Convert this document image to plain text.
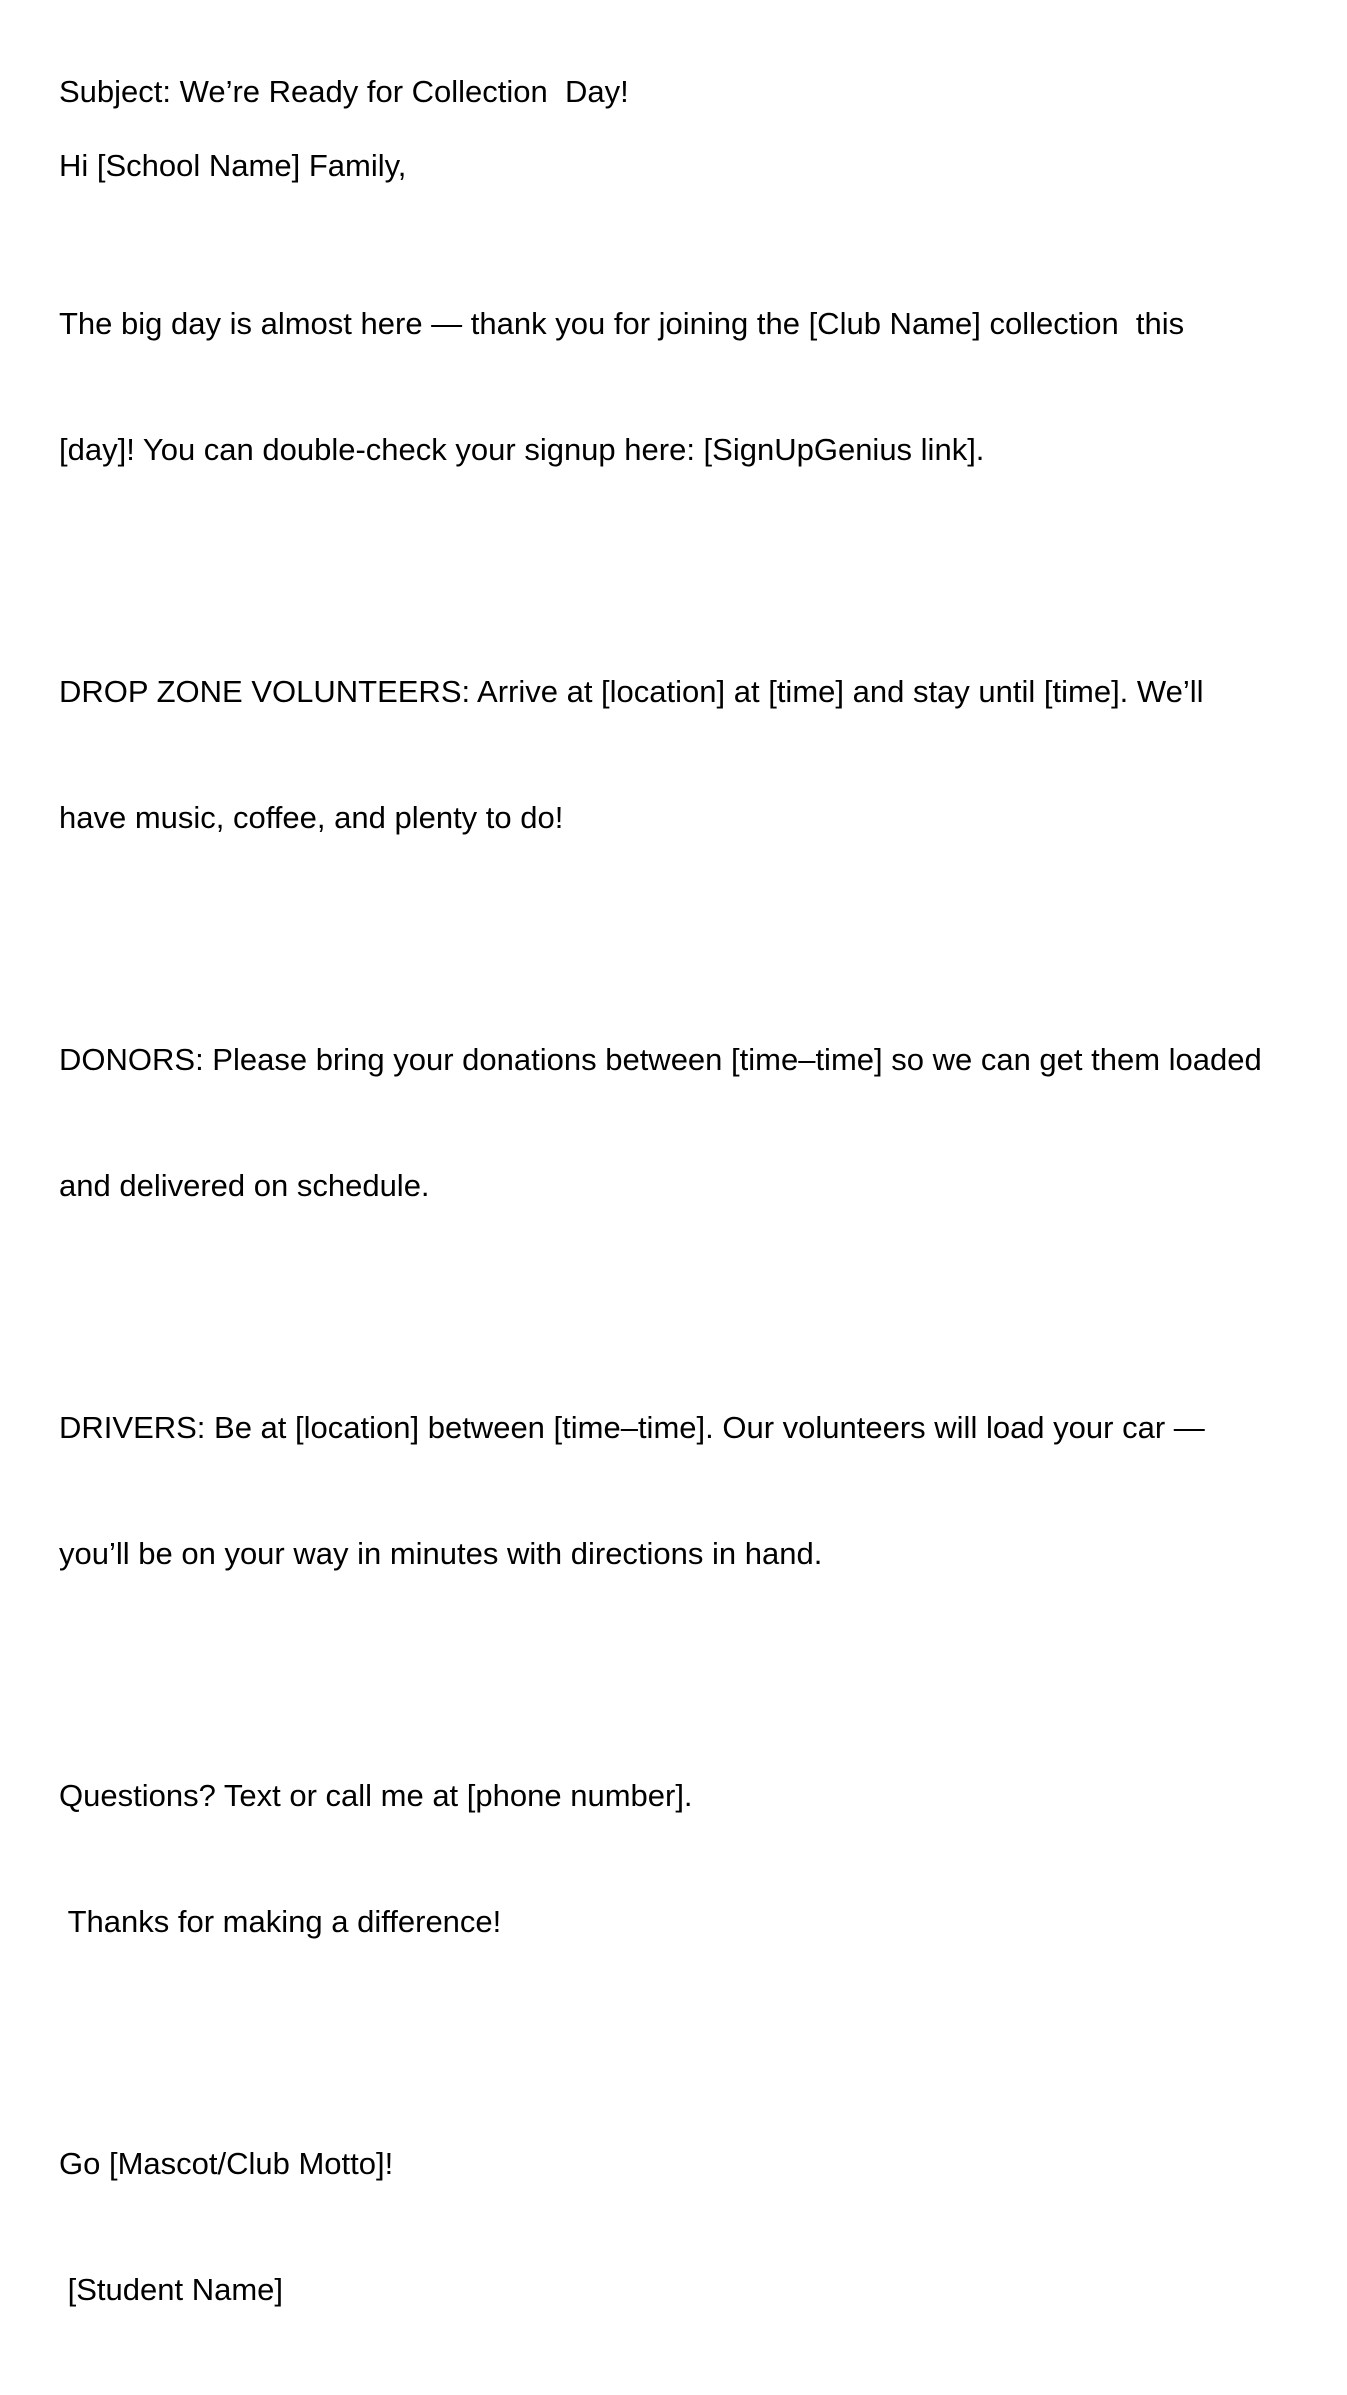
Subject: We’re Ready for Collection  Day!

Hi [School Name] Family,

The big day is almost here — thank you for joining the [Club Name] collection  this

[day]! You can double-check your signup here: [SignUpGenius link].

DROP ZONE VOLUNTEERS: Arrive at [location] at [time] and stay until [time]. We’ll

have music, coffee, and plenty to do!

DONORS: Please bring your donations between [time–time] so we can get them loaded

and delivered on schedule.

DRIVERS: Be at [location] between [time–time]. Our volunteers will load your car —

you’ll be on your way in minutes with directions in hand.

Questions? Text or call me at [phone number].

Thanks for making a difference!

Go [Mascot/Club Motto]!

[Student Name]
